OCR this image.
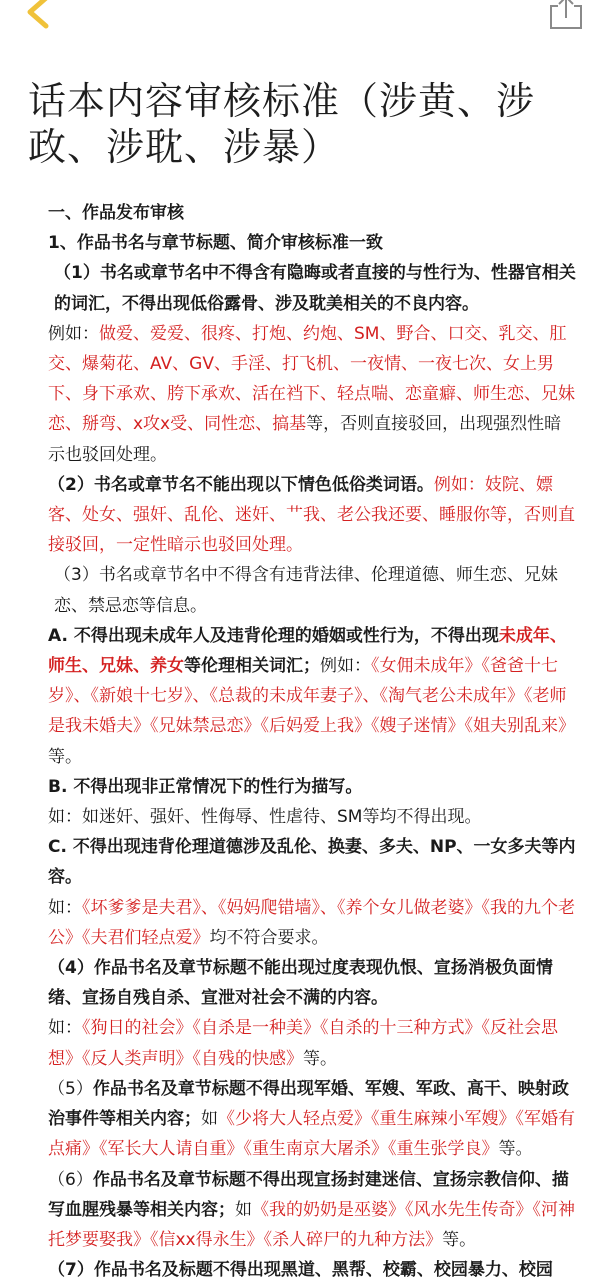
话本内容审核标准（涉黄、涉政、涉耽、涉暴）

一、作品发布审核

1、作品书名与章节标题、简介审核标准一致

（1）书名或章节名中不得含有隐晦或者直接的与性行为、性器官相关的词汇，不得出现低俗露骨、涉及耽美相关的不良内容。

例如：做爱、爱爱、很疼、打炮、约炮、SM、野合、口交、乳交、肛交、爆菊花、AV、GV、手淫、打飞机、一夜情、一夜七次、女上男下、身下承欢、胯下承欢、活在裆下、轻点喘、恋童癖、师生恋、兄妹恋、掰弯、x攻x受、同性恋、搞基等，否则直接驳回，出现强烈性暗示也驳回处理。

（2）书名或章节名不能出现以下情色低俗类词语。例如：妓院、嫖客、处女、强奸、乱伦、迷奸、艹我、老公我还要、睡服你等，否则直接驳回，一定性暗示也驳回处理。

（3）书名或章节名中不得含有违背法律、伦理道德、师生恋、兄妹恋、禁忌恋等信息。

A. 不得出现未成年人及违背伦理的婚姻或性行为，不得出现未成年、师生、兄妹、养女等伦理相关词汇；例如：《女佣未成年》《爸爸十七岁》、《新娘十七岁》、《总裁的未成年妻子》、《淘气老公未成年》《老师是我未婚夫》《兄妹禁忌恋》《后妈爱上我》《嫂子迷情》《姐夫别乱来》等。

B. 不得出现非正常情况下的性行为描写。

如：如迷奸、强奸、性侮辱、性虐待、SM等均不得出现。

C. 不得出现违背伦理道德涉及乱伦、换妻、多夫、NP、一女多夫等内容。

如：《坏爹爹是夫君》、《妈妈爬错墙》、《养个女儿做老婆》《我的九个老公》《夫君们轻点爱》均不符合要求。

（4）作品书名及章节标题不能出现过度表现仇恨、宣扬消极负面情绪、宣扬自残自杀、宣泄对社会不满的内容。

如：《狗日的社会》《自杀是一种美》《自杀的十三种方式》《反社会思想》《反人类声明》《自残的快感》等。

（5）作品书名及章节标题不得出现军婚、军嫂、军政、高干、映射政治事件等相关内容；如《少将大人轻点爱》《重生麻辣小军嫂》《军婚有点痛》《军长大人请自重》《重生南京大屠杀》《重生张学良》等。

（6）作品书名及章节标题不得出现宣扬封建迷信、宣扬宗教信仰、描写血腥残暴等相关内容；如《我的奶奶是巫婆》《风水先生传奇》《河神托梦要娶我》《信xx得永生》《杀人碎尸的九种方法》等。

（7）作品书名及标题不得出现黑道、黑帮、校霸、校园暴力、校园
